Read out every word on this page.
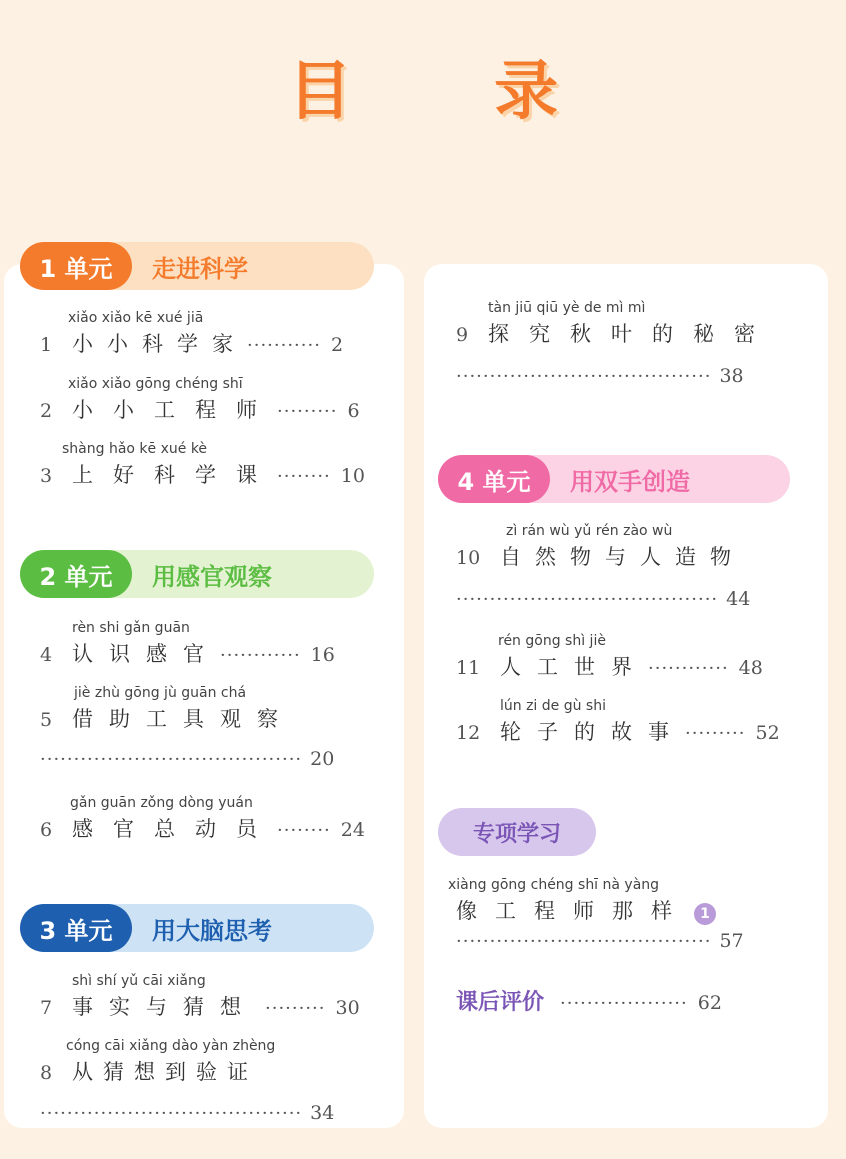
目 录
1 单元	走进科学
xiǎo xiǎo kē xué jiā
1 小小科学家 ··········· 2
xiǎo xiǎo gōng chéng shī
2 小小工程师 ········· 6
shàng hǎo kē xué kè
3 上好科学课 ········ 10
2 单元	用感官观察
rèn shi gǎn guān
4 认识感官 ············ 16
jiè zhù gōng jù guān chá
5 借助工具观察
······································· 20
gǎn guān zǒng dòng yuán
6 感官总动员 ········ 24
3 单元	用大脑思考
shì shí yǔ cāi xiǎng
7 事实与猜想 ········· 30
cóng cāi xiǎng dào yàn zhèng
8 从猜想到验证
······································· 34
tàn jiū qiū yè de mì mì
9 探究秋叶的秘密
······································ 38
4 单元	用双手创造
zì rán wù yǔ rén zào wù
10 自然物与人造物
······································· 44
rén gōng shì jiè
11 人工世界 ············ 48
lún zi de gù shi
12 轮子的故事 ········· 52
专项学习
xiàng gōng chéng shī nà yàng
像工程师那样 1
······································ 57
课后评价 ··················· 62
